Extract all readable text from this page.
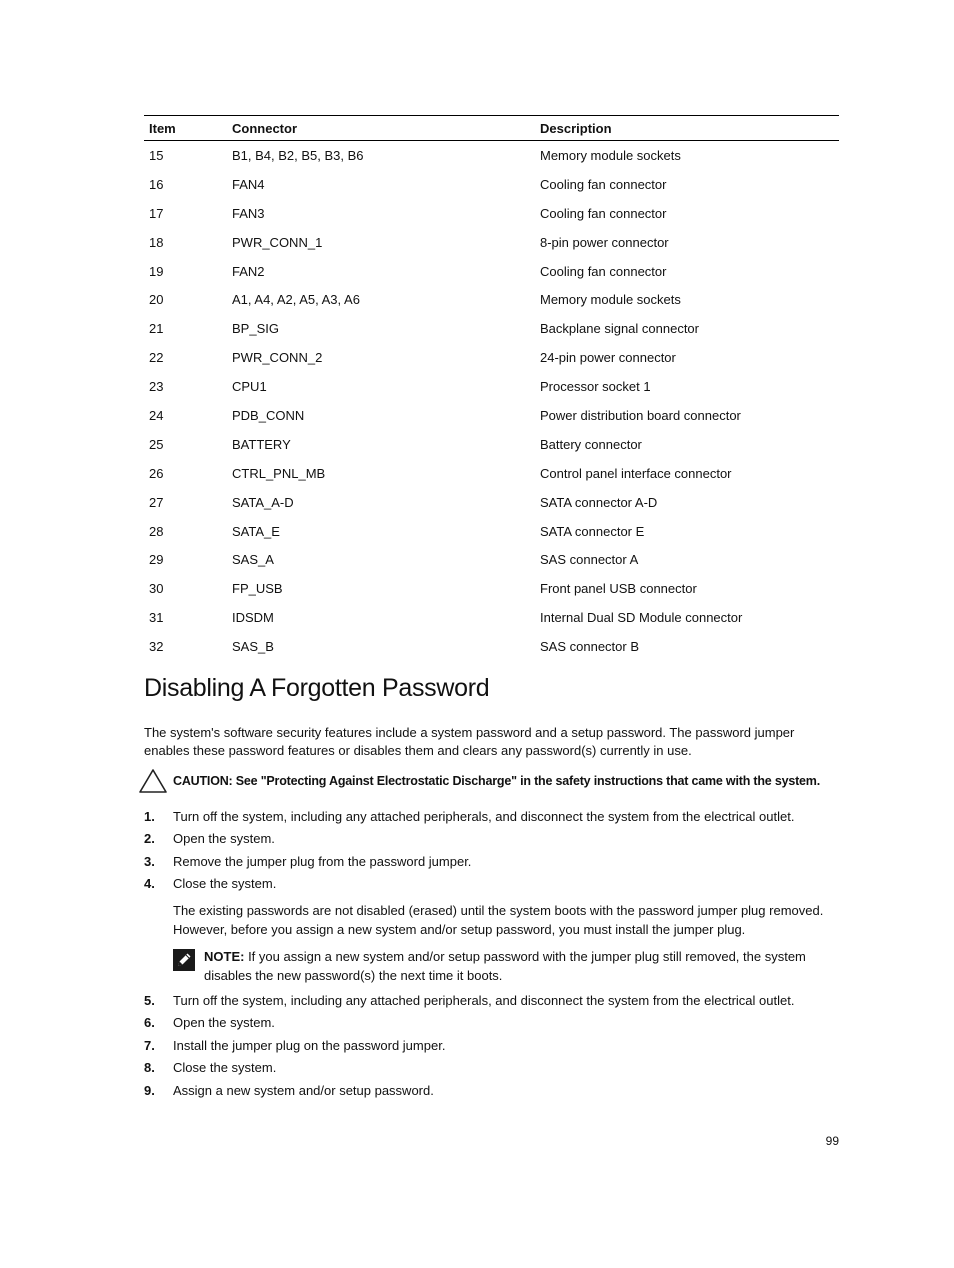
Item	Connector	Description
15	B1, B4, B2, B5, B3, B6	Memory module sockets
16	FAN4	Cooling fan connector
17	FAN3	Cooling fan connector
18	PWR_CONN_1	8-pin power connector
19	FAN2	Cooling fan connector
20	A1, A4, A2, A5, A3, A6	Memory module sockets
21	BP_SIG	Backplane signal connector
22	PWR_CONN_2	24-pin power connector
23	CPU1	Processor socket 1
24	PDB_CONN	Power distribution board connector
25	BATTERY	Battery connector
26	CTRL_PNL_MB	Control panel interface connector
27	SATA_A-D	SATA connector A-D
28	SATA_E	SATA connector E
29	SAS_A	SAS connector A
30	FP_USB	Front panel USB connector
31	IDSDM	Internal Dual SD Module connector
32	SAS_B	SAS connector B
Disabling A Forgotten Password

The system's software security features include a system password and a setup password. The password jumper enables these password features or disables them and clears any password(s) currently in use.

CAUTION: See "Protecting Against Electrostatic Discharge" in the safety instructions that came with the system.
1.	Turn off the system, including any attached peripherals, and disconnect the system from the electrical outlet.
2.	Open the system.
3.	Remove the jumper plug from the password jumper.
4.	Close the system.

The existing passwords are not disabled (erased) until the system boots with the password jumper plug removed. However, before you assign a new system and/or setup password, you must install the jumper plug.

NOTE: If you assign a new system and/or setup password with the jumper plug still removed, the system disables the new password(s) the next time it boots.
5.	Turn off the system, including any attached peripherals, and disconnect the system from the electrical outlet.
6.	Open the system.
7.	Install the jumper plug on the password jumper.
8.	Close the system.
9.	Assign a new system and/or setup password.
99
